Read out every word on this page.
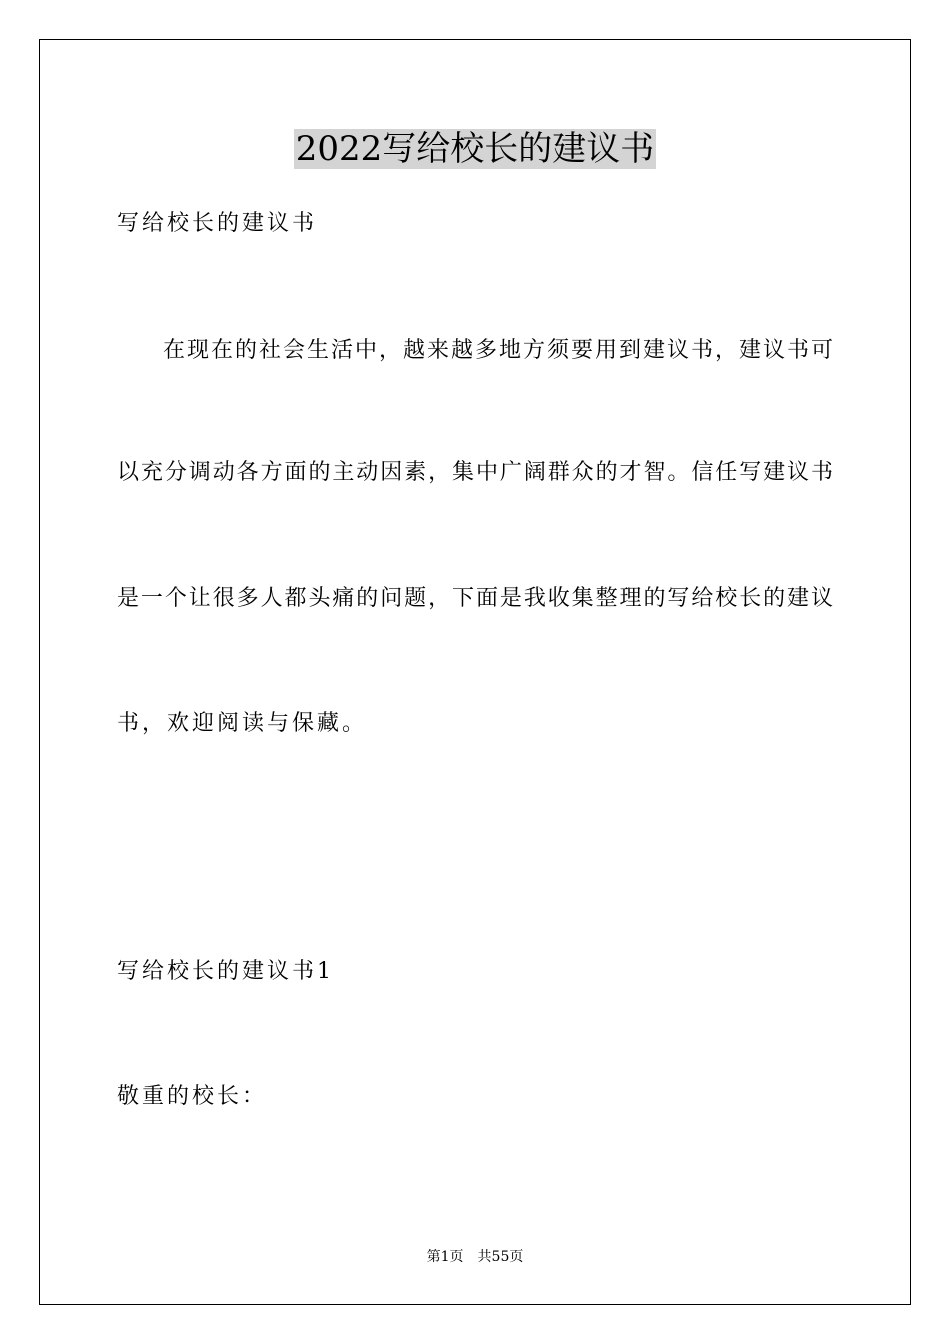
2022写给校长的建议书
写给校长的建议书
在现在的社会生活中，越来越多地方须要用到建议书，建议书可
以充分调动各方面的主动因素，集中广阔群众的才智。信任写建议书
是一个让很多人都头痛的问题，下面是我收集整理的写给校长的建议
书，欢迎阅读与保藏。
写给校长的建议书1
敬重的校长：
第1页 共55页
